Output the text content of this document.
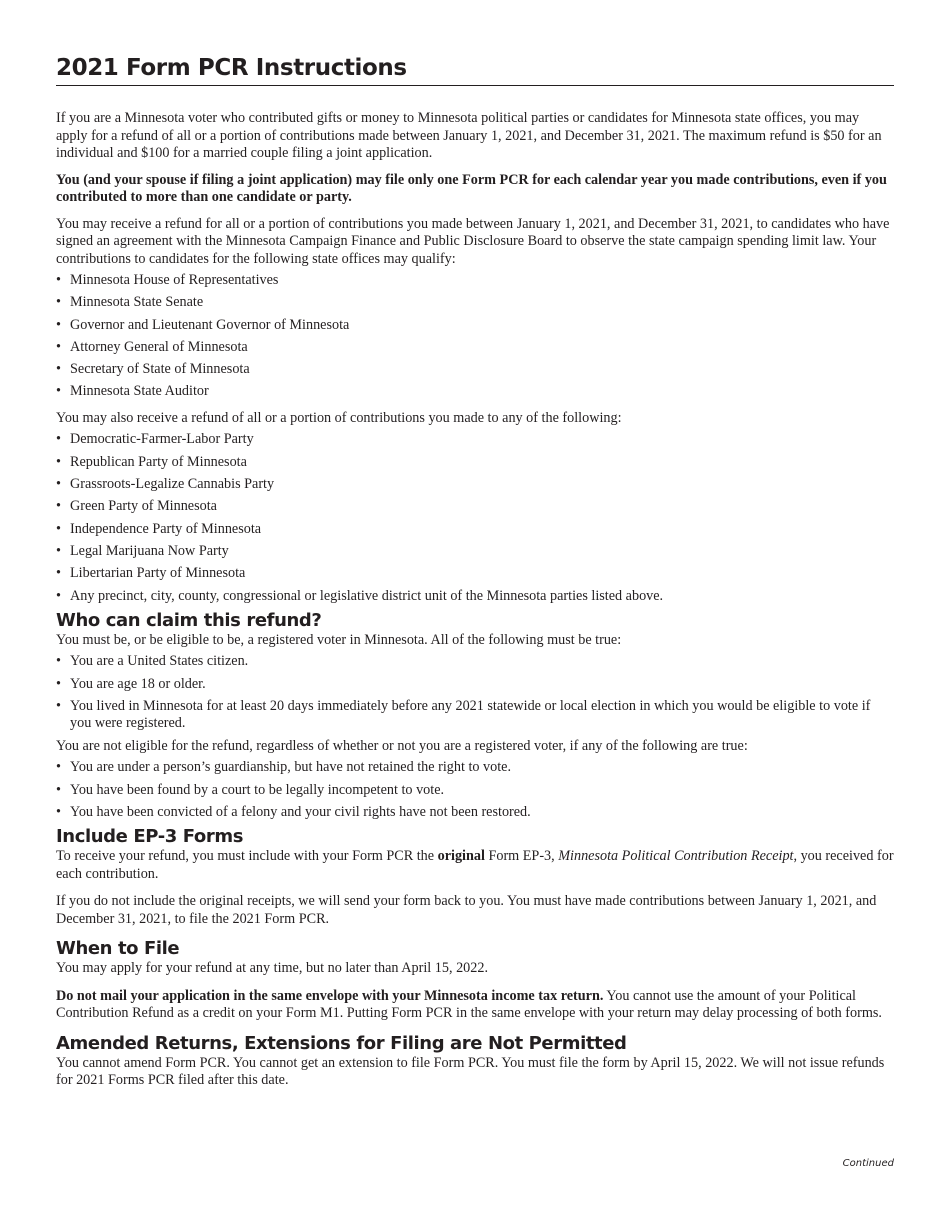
2021 Form PCR Instructions

If you are a Minnesota voter who contributed gifts or money to Minnesota political parties or candidates for Minnesota state offices, you may apply for a refund of all or a portion of contributions made between January 1, 2021, and December 31, 2021. The maximum refund is $50 for an individual and $100 for a married couple filing a joint application.

You (and your spouse if filing a joint application) may file only one Form PCR for each calendar year you made contributions, even if you contributed to more than one candidate or party.

You may receive a refund for all or a portion of contributions you made between January 1, 2021, and December 31, 2021, to candidates who have signed an agreement with the Minnesota Campaign Finance and Public Disclosure Board to observe the state campaign spending limit law. Your contributions to candidates for the following state offices may qualify:

• Minnesota House of Representatives
• Minnesota State Senate
• Governor and Lieutenant Governor of Minnesota
• Attorney General of Minnesota
• Secretary of State of Minnesota
• Minnesota State Auditor

You may also receive a refund of all or a portion of contributions you made to any of the following:

• Democratic-Farmer-Labor Party
• Republican Party of Minnesota
• Grassroots-Legalize Cannabis Party
• Green Party of Minnesota
• Independence Party of Minnesota
• Legal Marijuana Now Party
• Libertarian Party of Minnesota
• Any precinct, city, county, congressional or legislative district unit of the Minnesota parties listed above.
Who can claim this refund?

You must be, or be eligible to be, a registered voter in Minnesota. All of the following must be true:

• You are a United States citizen.
• You are age 18 or older.
• You lived in Minnesota for at least 20 days immediately before any 2021 statewide or local election in which you would be eligible to vote if you were registered.

You are not eligible for the refund, regardless of whether or not you are a registered voter, if any of the following are true:

• You are under a person’s guardianship, but have not retained the right to vote.
• You have been found by a court to be legally incompetent to vote.
• You have been convicted of a felony and your civil rights have not been restored.
Include EP-3 Forms

To receive your refund, you must include with your Form PCR the original Form EP-3, Minnesota Political Contribution Receipt, you received for each contribution.

If you do not include the original receipts, we will send your form back to you. You must have made contributions between January 1, 2021, and December 31, 2021, to file the 2021 Form PCR.

When to File

You may apply for your refund at any time, but no later than April 15, 2022.

Do not mail your application in the same envelope with your Minnesota income tax return. You cannot use the amount of your Political Contribution Refund as a credit on your Form M1. Putting Form PCR in the same envelope with your return may delay processing of both forms.

Amended Returns, Extensions for Filing are Not Permitted

You cannot amend Form PCR. You cannot get an extension to file Form PCR. You must file the form by April 15, 2022. We will not issue refunds for 2021 Forms PCR filed after this date.

Continued
